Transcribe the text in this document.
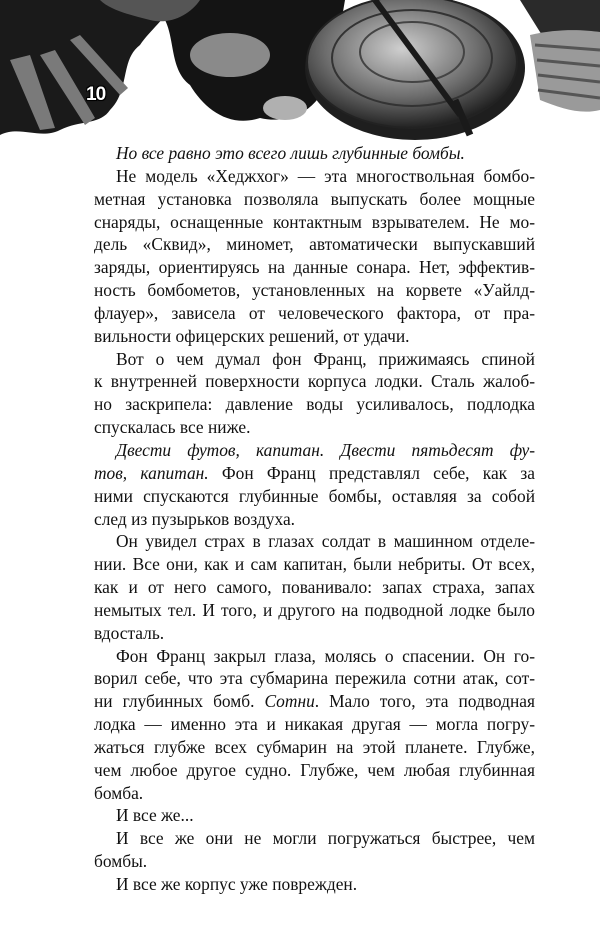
10
Но все равно это всего лишь глубинные бомбы.
Не модель «Хеджхог» — эта многоствольная бомбо-
метная установка позволяла выпускать более мощные
снаряды, оснащенные контактным взрывателем. Не мо-
дель «Сквид», миномет, автоматически выпускавший
заряды, ориентируясь на данные сонара. Нет, эффектив-
ность бомбометов, установленных на корвете «Уайлд-
флауер», зависела от человеческого фактора, от пра-
вильности офицерских решений, от удачи.
Вот о чем думал фон Франц, прижимаясь спиной
к внутренней поверхности корпуса лодки. Сталь жалоб-
но заскрипела: давление воды усиливалось, подлодка
спускалась все ниже.
Двести футов, капитан. Двести пятьдесят фу-
тов, капитан. Фон Франц представлял себе, как за
ними спускаются глубинные бомбы, оставляя за собой
след из пузырьков воздуха.
Он увидел страх в глазах солдат в машинном отделе-
нии. Все они, как и сам капитан, были небриты. От всех,
как и от него самого, пованивало: запах страха, запах
немытых тел. И того, и другого на подводной лодке было
вдосталь.
Фон Франц закрыл глаза, молясь о спасении. Он го-
ворил себе, что эта субмарина пережила сотни атак, сот-
ни глубинных бомб. Сотни. Мало того, эта подводная
лодка — именно эта и никакая другая — могла погру-
жаться глубже всех субмарин на этой планете. Глубже,
чем любое другое судно. Глубже, чем любая глубинная
бомба.
И все же...
И все же они не могли погружаться быстрее, чем
бомбы.
И все же корпус уже поврежден.
